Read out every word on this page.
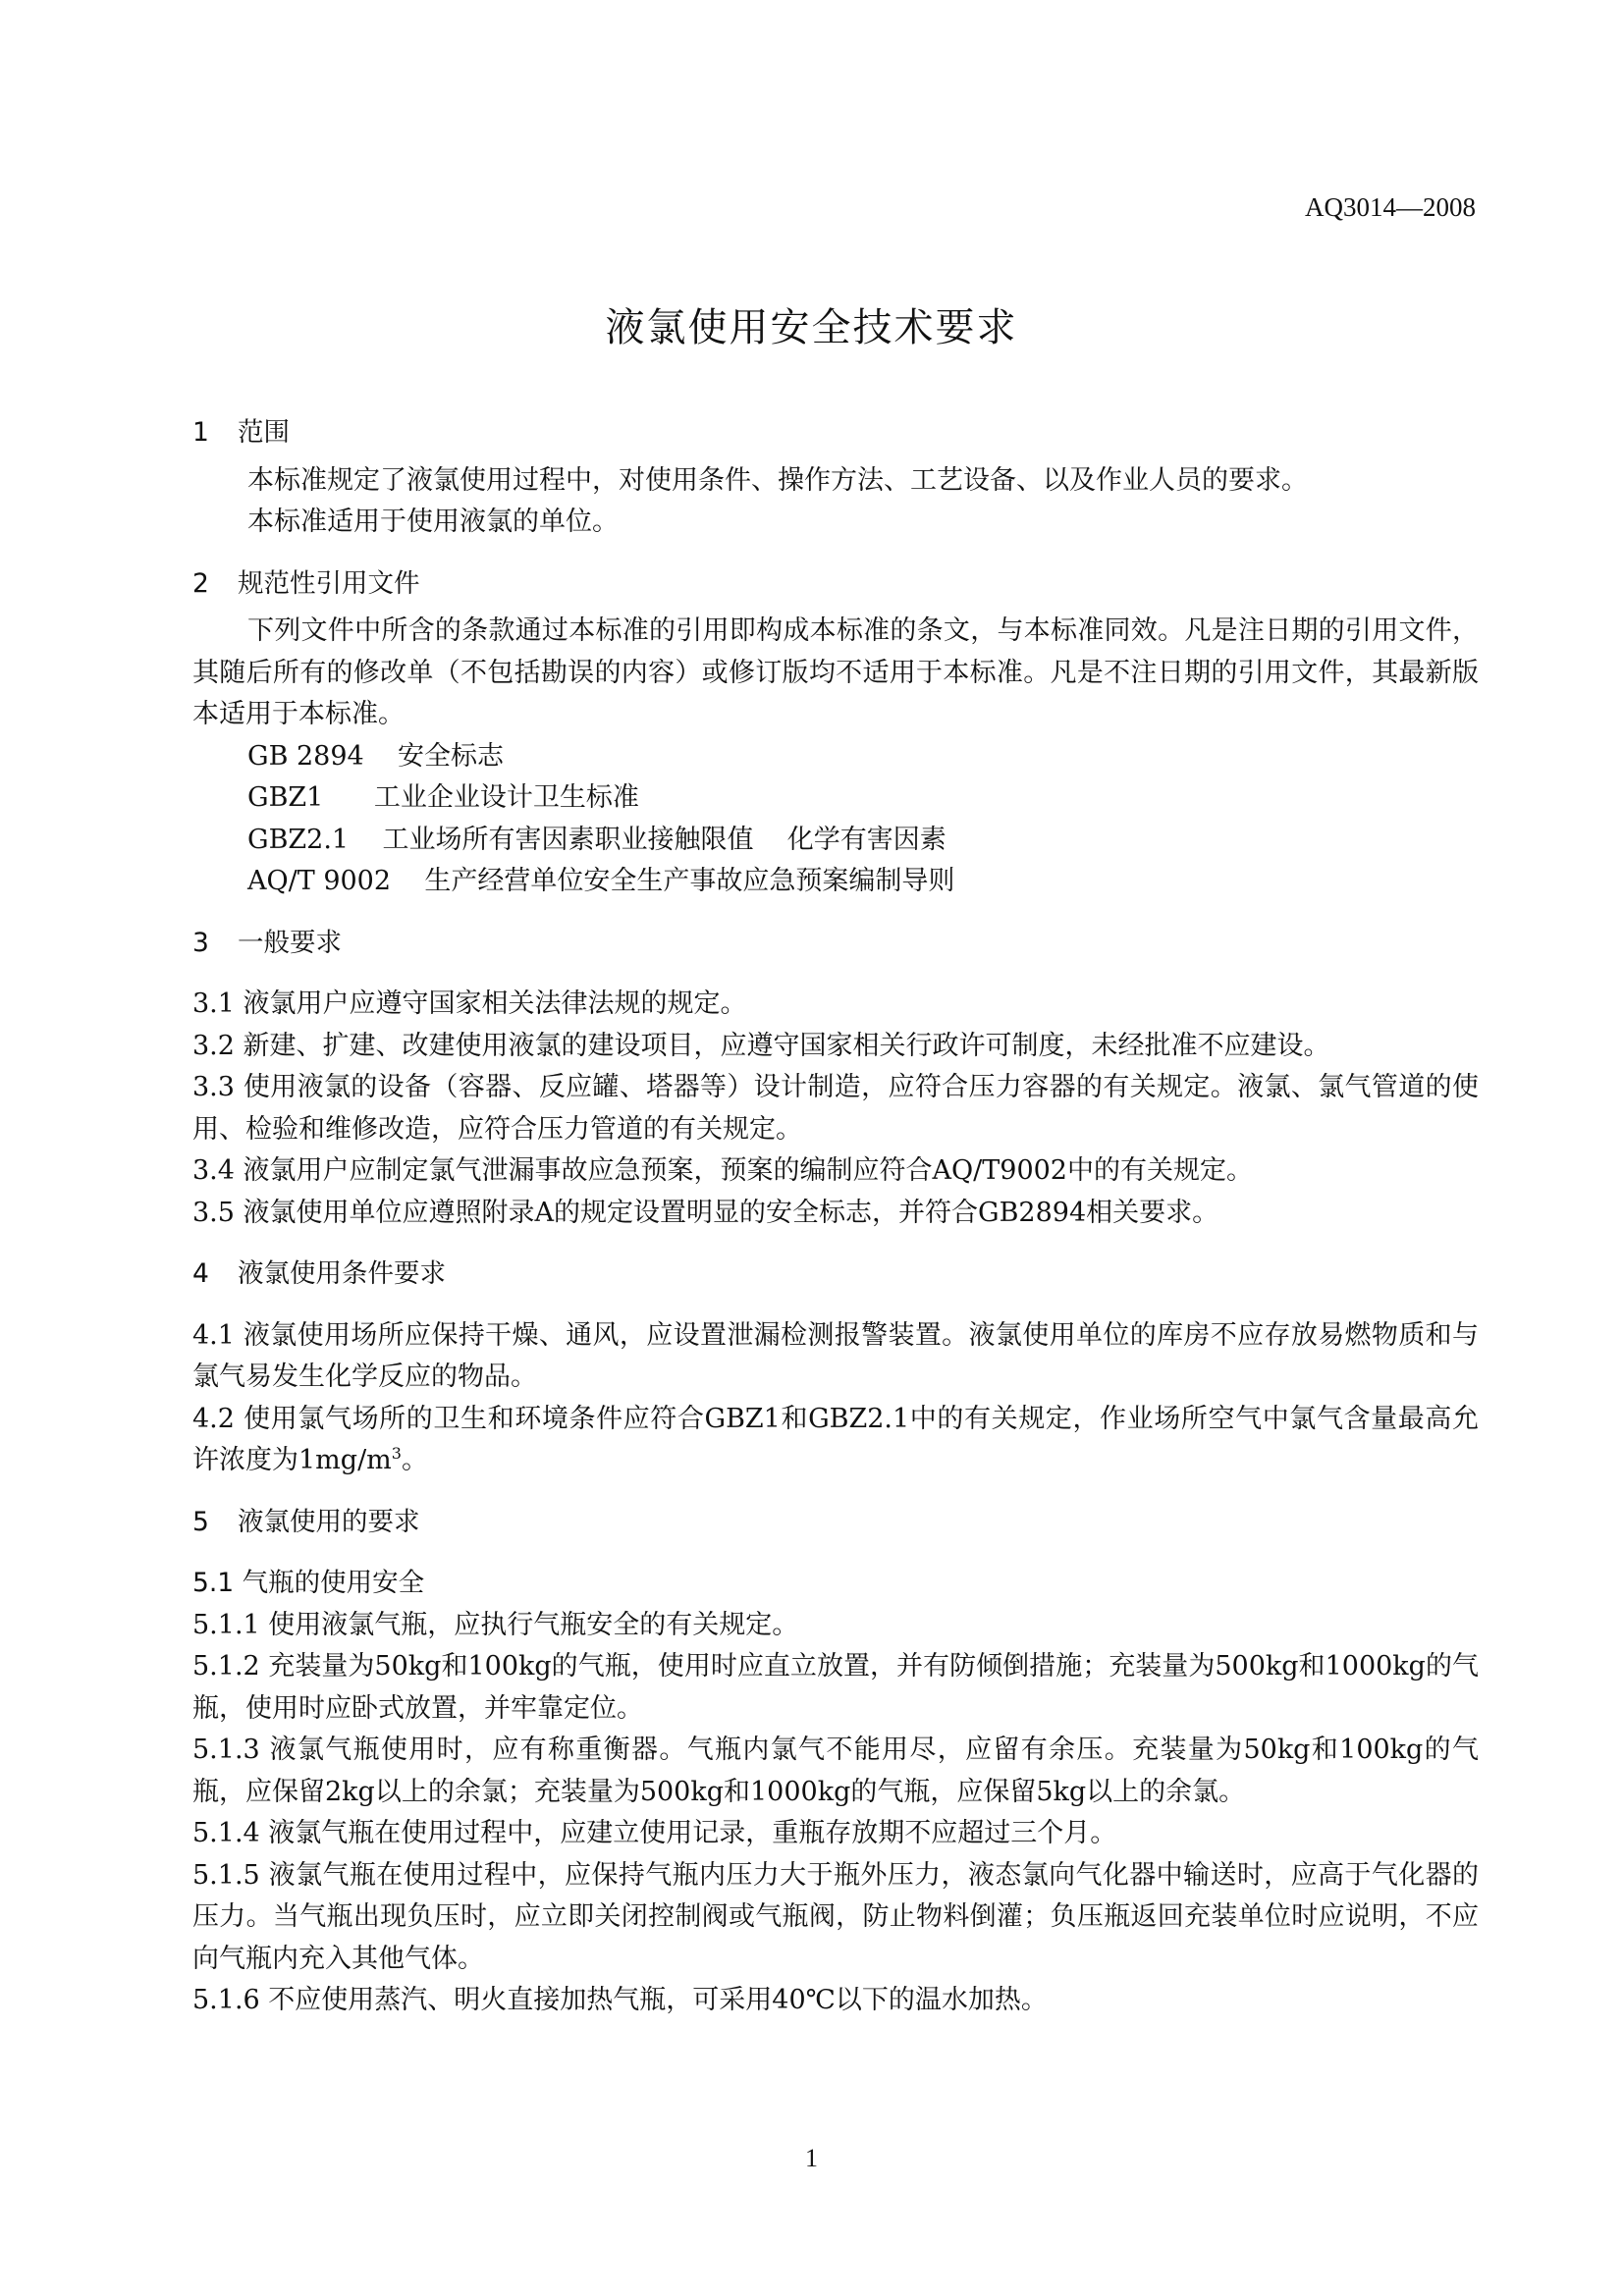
AQ3014—2008
液氯使用安全技术要求
1 范围

本标准规定了液氯使用过程中，对使用条件、操作方法、工艺设备、以及作业人员的要求。

本标准适用于使用液氯的单位。

2 规范性引用文件

下列文件中所含的条款通过本标准的引用即构成本标准的条文，与本标准同效。凡是注日期的引用文件，其随后所有的修改单（不包括勘误的内容）或修订版均不适用于本标准。凡是不注日期的引用文件，其最新版本适用于本标准。

GB 2894    安全标志

GBZ1      工业企业设计卫生标准

GBZ2.1    工业场所有害因素职业接触限值    化学有害因素

AQ/T 9002    生产经营单位安全生产事故应急预案编制导则

3 一般要求

3.1 液氯用户应遵守国家相关法律法规的规定。

3.2 新建、扩建、改建使用液氯的建设项目，应遵守国家相关行政许可制度，未经批准不应建设。

3.3 使用液氯的设备（容器、反应罐、塔器等）设计制造，应符合压力容器的有关规定。液氯、氯气管道的使用、检验和维修改造，应符合压力管道的有关规定。

3.4 液氯用户应制定氯气泄漏事故应急预案，预案的编制应符合AQ/T9002中的有关规定。

3.5 液氯使用单位应遵照附录A的规定设置明显的安全标志，并符合GB2894相关要求。

4 液氯使用条件要求

4.1 液氯使用场所应保持干燥、通风，应设置泄漏检测报警装置。液氯使用单位的库房不应存放易燃物质和与氯气易发生化学反应的物品。

4.2 使用氯气场所的卫生和环境条件应符合GBZ1和GBZ2.1中的有关规定，作业场所空气中氯气含量最高允许浓度为$1mg/m^3$。

5 液氯使用的要求
5.1 气瓶的使用安全

5.1.1 使用液氯气瓶，应执行气瓶安全的有关规定。

5.1.2 充装量为50kg和100kg的气瓶，使用时应直立放置，并有防倾倒措施；充装量为500kg和1000kg的气瓶，使用时应卧式放置，并牢靠定位。

5.1.3 液氯气瓶使用时，应有称重衡器。气瓶内氯气不能用尽，应留有余压。充装量为50kg和100kg的气瓶，应保留2kg以上的余氯；充装量为500kg和1000kg的气瓶，应保留5kg以上的余氯。

5.1.4 液氯气瓶在使用过程中，应建立使用记录，重瓶存放期不应超过三个月。

5.1.5 液氯气瓶在使用过程中，应保持气瓶内压力大于瓶外压力，液态氯向气化器中输送时，应高于气化器的压力。当气瓶出现负压时，应立即关闭控制阀或气瓶阀，防止物料倒灌；负压瓶返回充装单位时应说明，不应向气瓶内充入其他气体。

5.1.6 不应使用蒸汽、明火直接加热气瓶，可采用40℃以下的温水加热。

1
